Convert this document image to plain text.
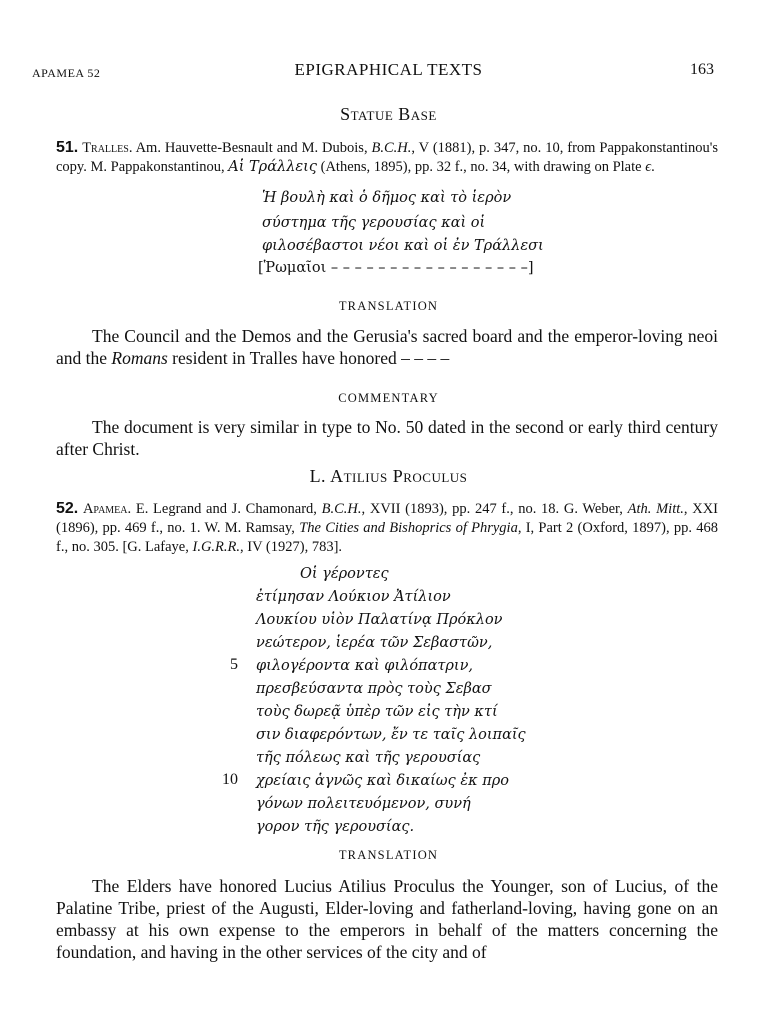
APAMEA 52	EPIGRAPHICAL TEXTS	163
Statue Base
51. Tralles. Am. Hauvette-Besnault and M. Dubois, B.C.H., V (1881), p. 347, no. 10, from Pappakonstantinou's copy. M. Pappakonstantinou, Αἱ Τράλλεις (Athens, 1895), pp. 32 f., no. 34, with drawing on Plate ϵ.
Ἡ βουλὴ καὶ ὁ δῆμος καὶ τὸ ἱερὸν
σύστημα τῆς γερουσίας καὶ οἱ
φιλοσέβαστοι νέοι καὶ οἱ ἐν Τράλλεσι
[Ῥωμαῖοι – – – – – – – – – – – – – – – – –]
TRANSLATION
The Council and the Demos and the Gerusia's sacred board and the emperor-loving neoi and the Romans resident in Tralles have honored – – – –
COMMENTARY
The document is very similar in type to No. 50 dated in the second or early third century after Christ.
L. Atilius Proculus
52. Apamea. E. Legrand and J. Chamonard, B.C.H., XVII (1893), pp. 247 f., no. 18. G. Weber, Ath. Mitt., XXI (1896), pp. 469 f., no. 1. W. M. Ramsay, The Cities and Bishoprics of Phrygia, I, Part 2 (Oxford, 1897), pp. 468 f., no. 305. [G. Lafaye, I.G.R.R., IV (1927), 783].
Οἱ γέροντες
ἐτίμησαν Λούκιον Ἀτίλιον
Λουκίου υἱὸν Παλατίνᾳ Πρόκλον
νεώτερον, ἱερέα τῶν Σεβαστῶν,
5 φιλογέροντα καὶ φιλόπατριν,
πρεσβεύσαντα πρὸς τοὺς Σεβασ
τοὺς δωρεᾷ ὑπὲρ τῶν εἰς τὴν κτί
σιν διαφερόντων, ἔν τε ταῖς λοιπαῖς
τῆς πόλεως καὶ τῆς γερουσίας
10 χρείαις ἁγνῶς καὶ δικαίως ἐκ προ
γόνων πολειτευόμενον, συνή
γορον τῆς γερουσίας.
TRANSLATION
The Elders have honored Lucius Atilius Proculus the Younger, son of Lucius, of the Palatine Tribe, priest of the Augusti, Elder-loving and fatherland-loving, having gone on an embassy at his own expense to the emperors in behalf of the matters concerning the foundation, and having in the other services of the city and of
